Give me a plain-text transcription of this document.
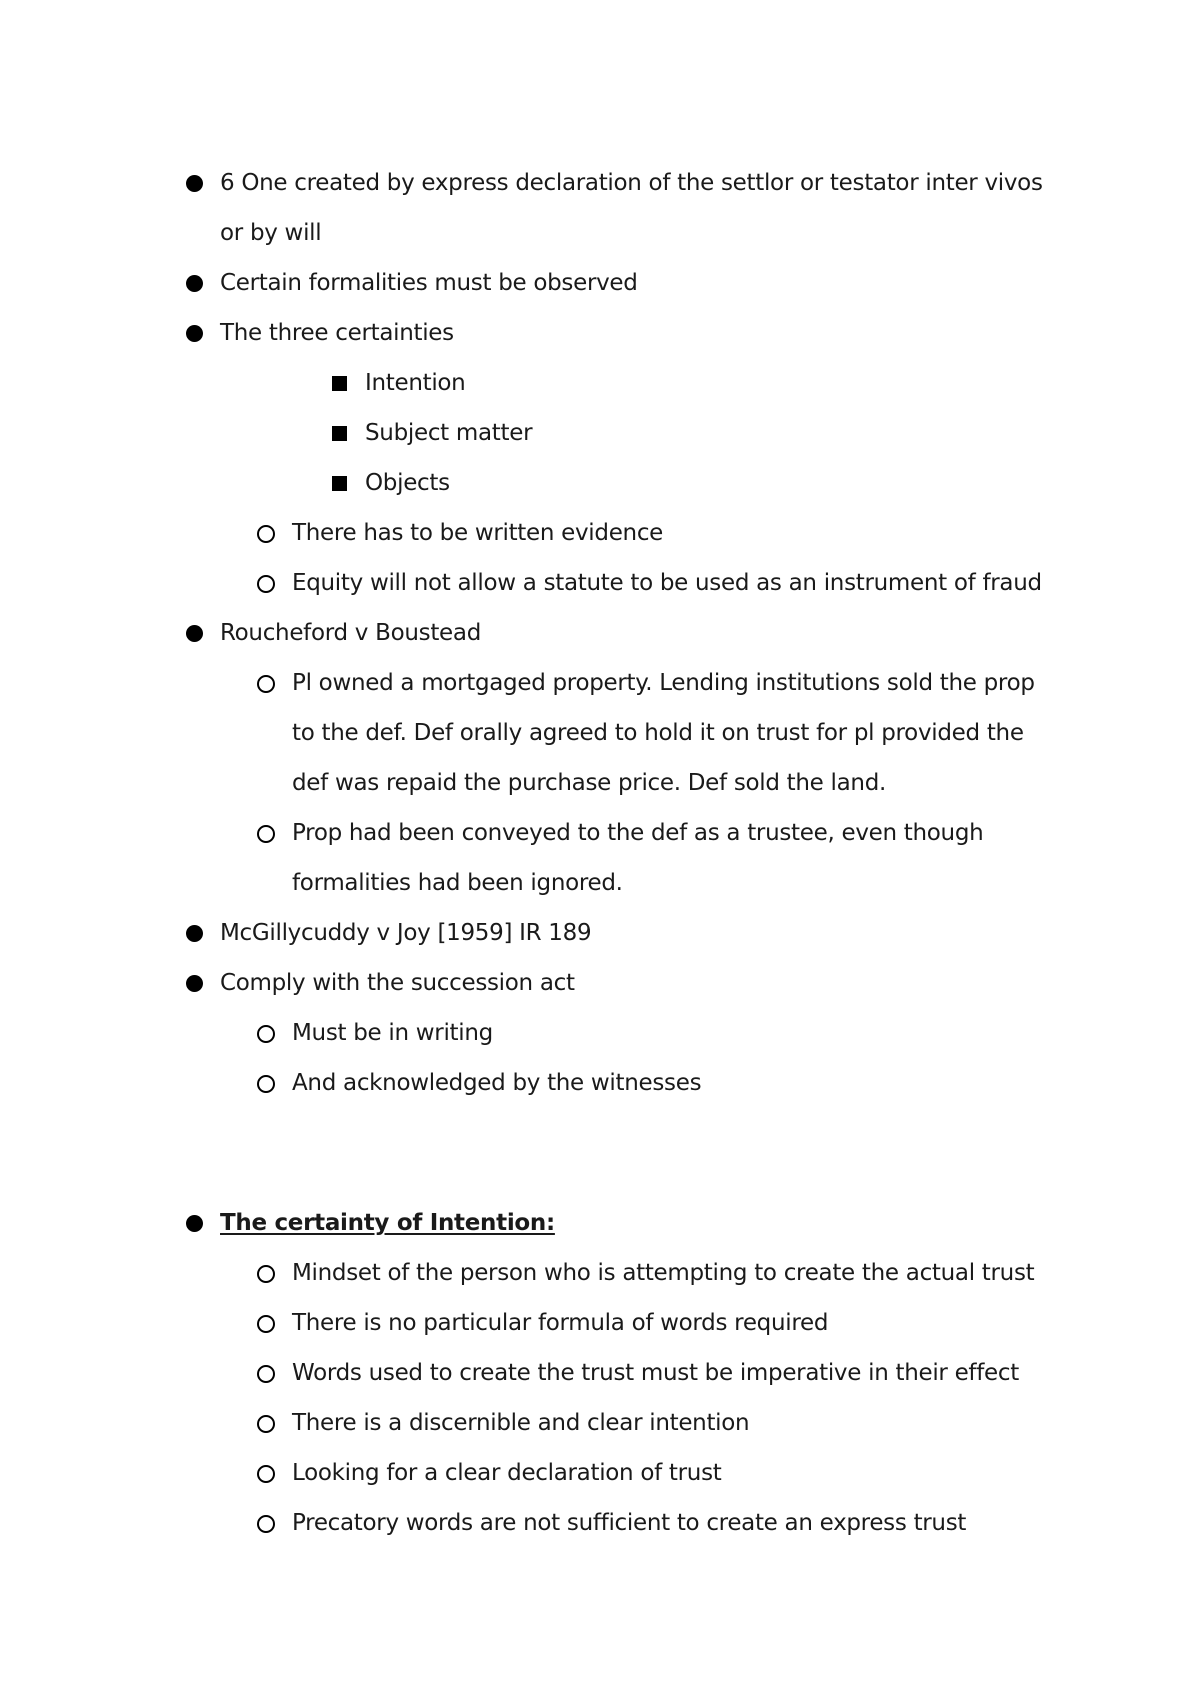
6 One created by express declaration of the settlor or testator inter vivos
or by will
Certain formalities must be observed
The three certainties
Intention
Subject matter
Objects
There has to be written evidence
Equity will not allow a statute to be used as an instrument of fraud
Roucheford v Boustead
Pl owned a mortgaged property. Lending institutions sold the prop
to the def. Def orally agreed to hold it on trust for pl provided the
def was repaid the purchase price. Def sold the land.
Prop had been conveyed to the def as a trustee, even though
formalities had been ignored.
McGillycuddy v Joy [1959] IR 189
Comply with the succession act
Must be in writing
And acknowledged by the witnesses
The certainty of Intention:
Mindset of the person who is attempting to create the actual trust
There is no particular formula of words required
Words used to create the trust must be imperative in their effect
There is a discernible and clear intention
Looking for a clear declaration of trust
Precatory words are not sufficient to create an express trust
